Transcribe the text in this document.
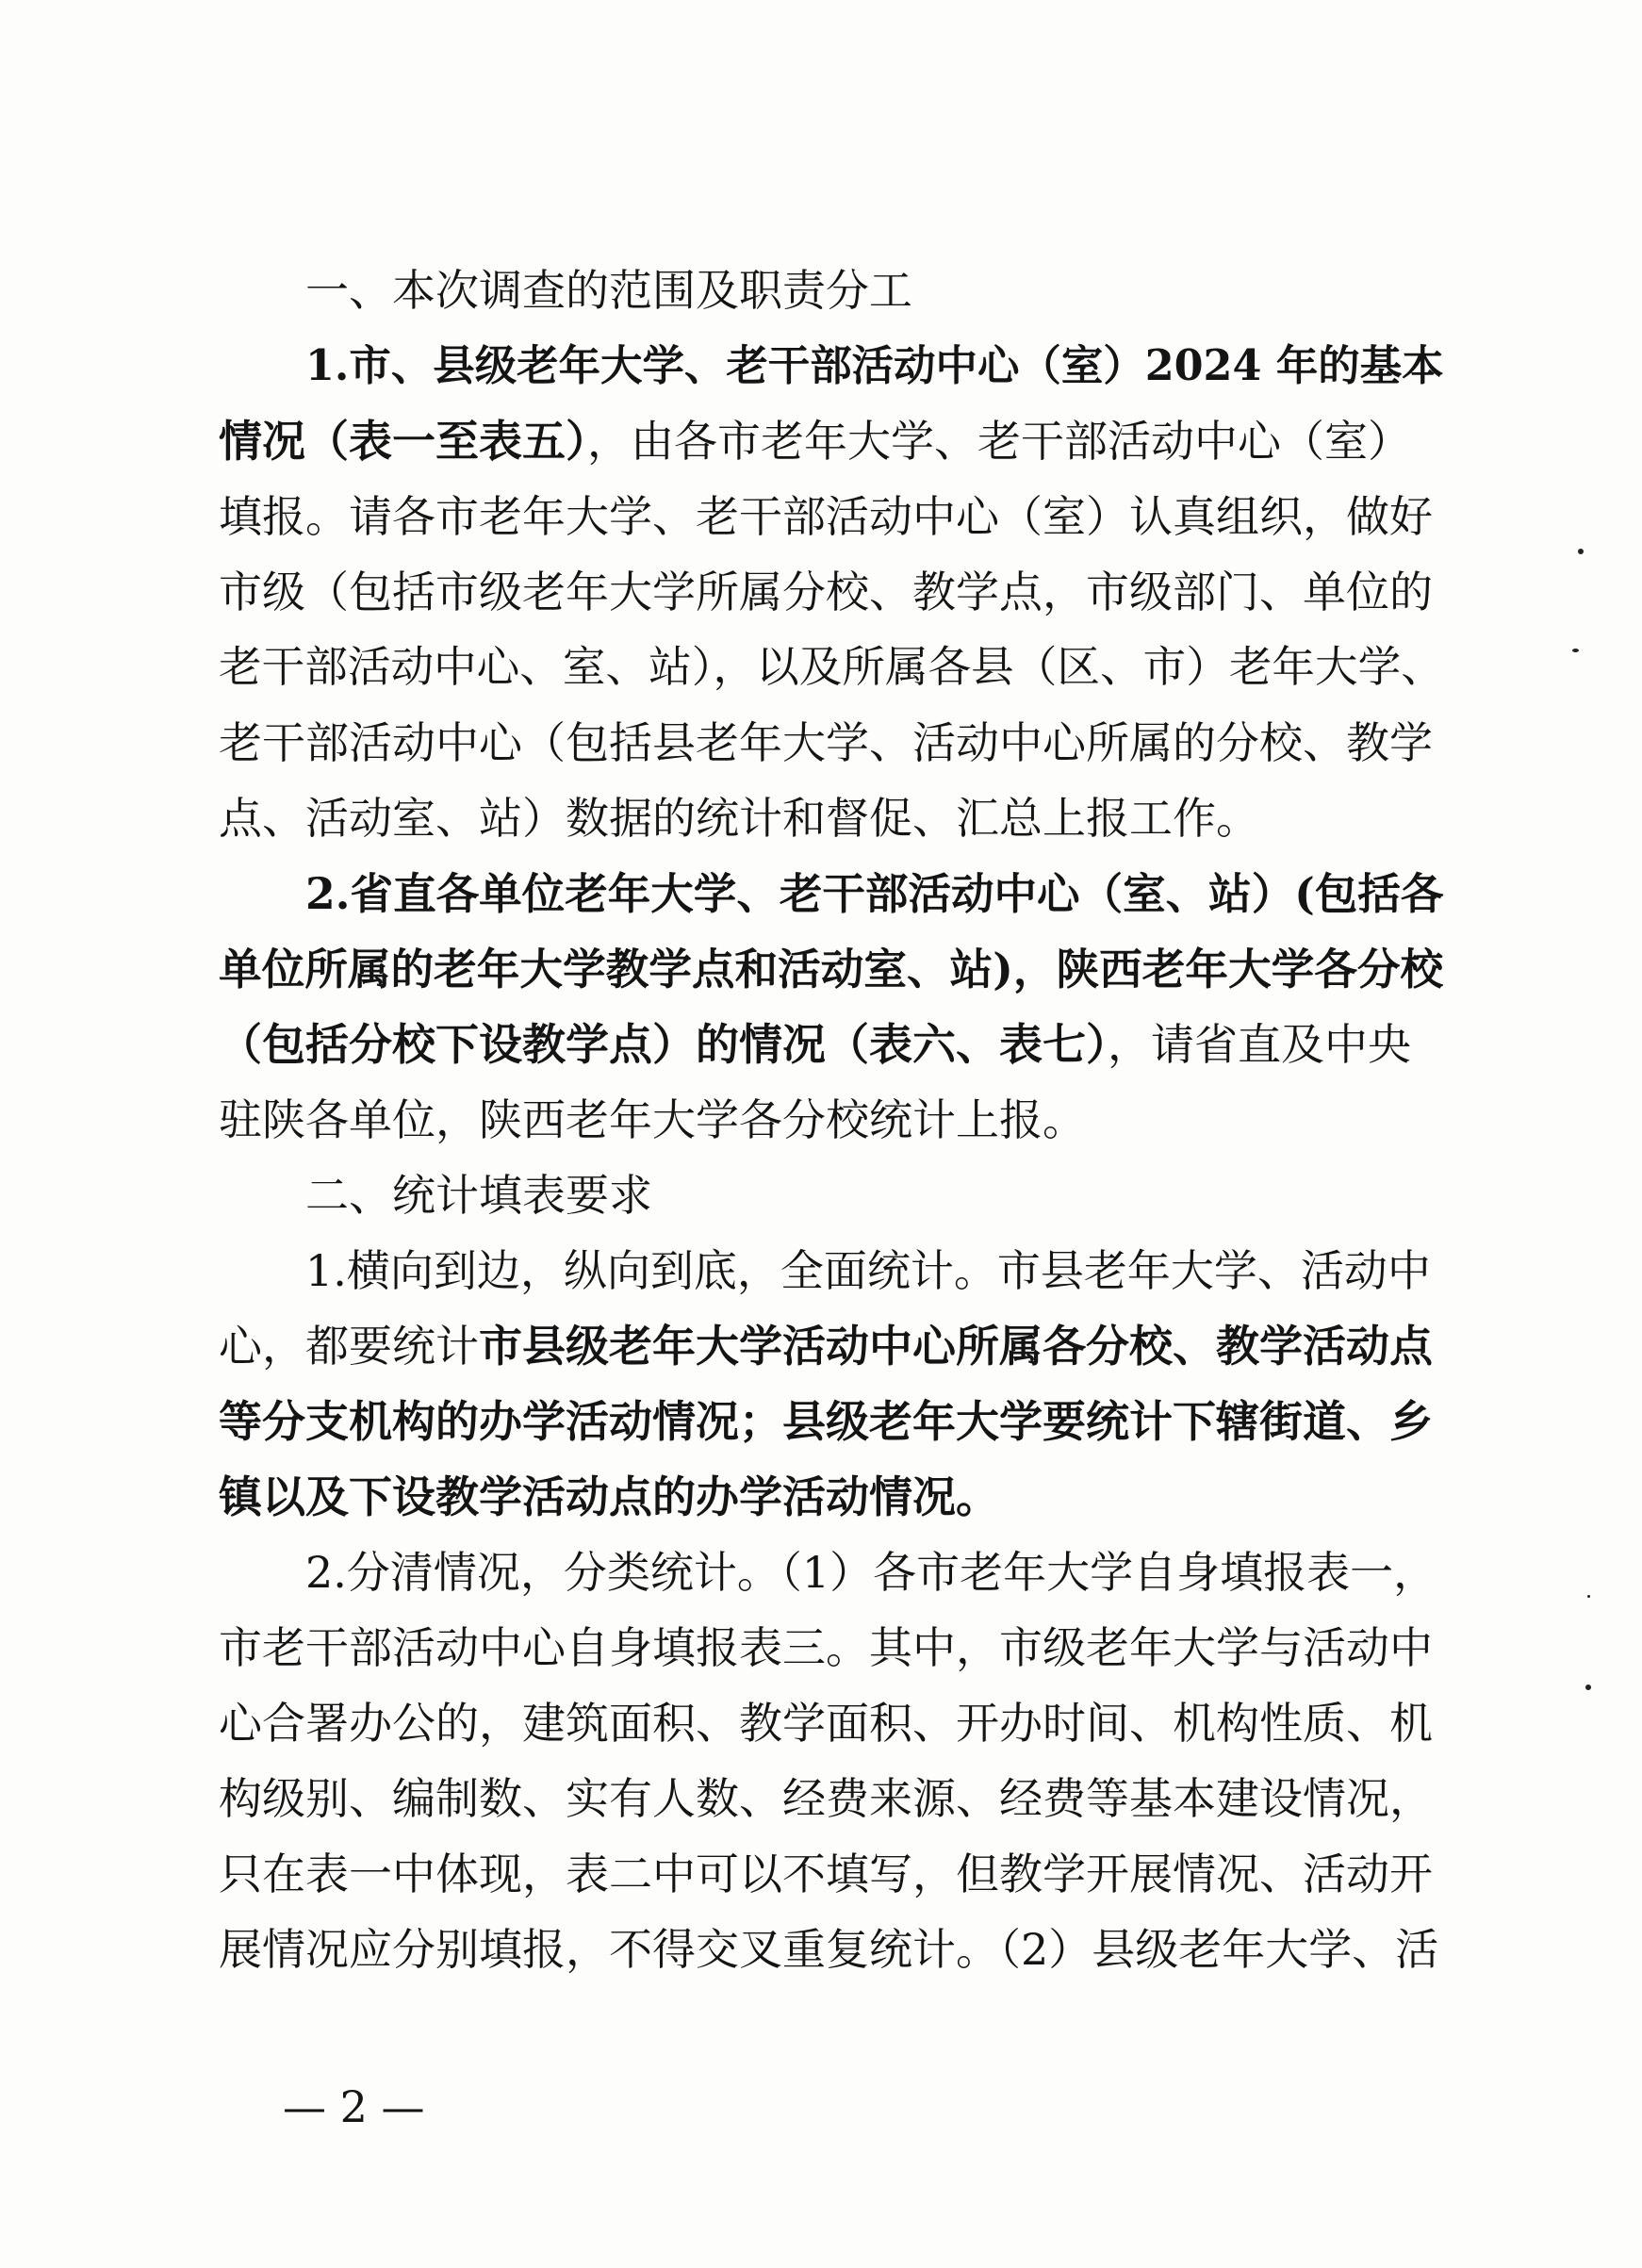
一、本次调查的范围及职责分工
1.市、县级老年大学、老干部活动中心（室）2024 年的基本
情况（表一至表五），由各市老年大学、老干部活动中心（室）
填报。请各市老年大学、老干部活动中心（室）认真组织，做好
市级（包括市级老年大学所属分校、教学点，市级部门、单位的
老干部活动中心、室、站），以及所属各县（区、市）老年大学、
老干部活动中心（包括县老年大学、活动中心所属的分校、教学
点、活动室、站）数据的统计和督促、汇总上报工作。
2.省直各单位老年大学、老干部活动中心（室、站）(包括各
单位所属的老年大学教学点和活动室、站)，陕西老年大学各分校
（包括分校下设教学点）的情况（表六、表七），请省直及中央
驻陕各单位，陕西老年大学各分校统计上报。
二、统计填表要求
1.横向到边，纵向到底，全面统计。市县老年大学、活动中
心，都要统计市县级老年大学活动中心所属各分校、教学活动点
等分支机构的办学活动情况；县级老年大学要统计下辖街道、乡
镇以及下设教学活动点的办学活动情况。
2.分清情况，分类统计。（1）各市老年大学自身填报表一，
市老干部活动中心自身填报表三。其中，市级老年大学与活动中
心合署办公的，建筑面积、教学面积、开办时间、机构性质、机
构级别、编制数、实有人数、经费来源、经费等基本建设情况，
只在表一中体现，表二中可以不填写，但教学开展情况、活动开
展情况应分别填报，不得交叉重复统计。（2）县级老年大学、活
— 2 —
